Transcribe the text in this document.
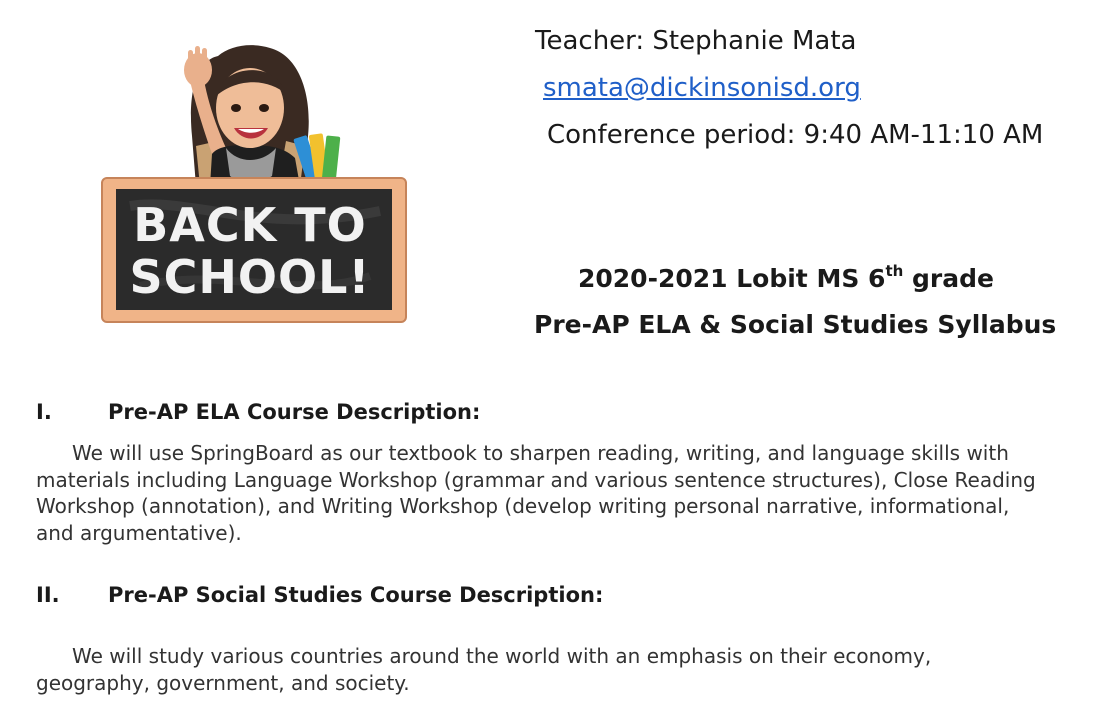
BACK TO
SCHOOL!
Teacher: Stephanie Mata
smata@dickinsonisd.org
Conference period: 9:40 AM-11:10 AM
2020-2021 Lobit MS 6th grade
Pre-AP ELA & Social Studies Syllabus
I.	Pre-AP ELA Course Description:
We will use SpringBoard as our textbook to sharpen reading, writing, and language skills with materials including Language Workshop (grammar and various sentence structures), Close Reading Workshop (annotation), and Writing Workshop (develop writing personal narrative, informational, and argumentative).
II. Pre-AP Social Studies Course Description:
We will study various countries around the world with an emphasis on their economy, geography, government, and society.
